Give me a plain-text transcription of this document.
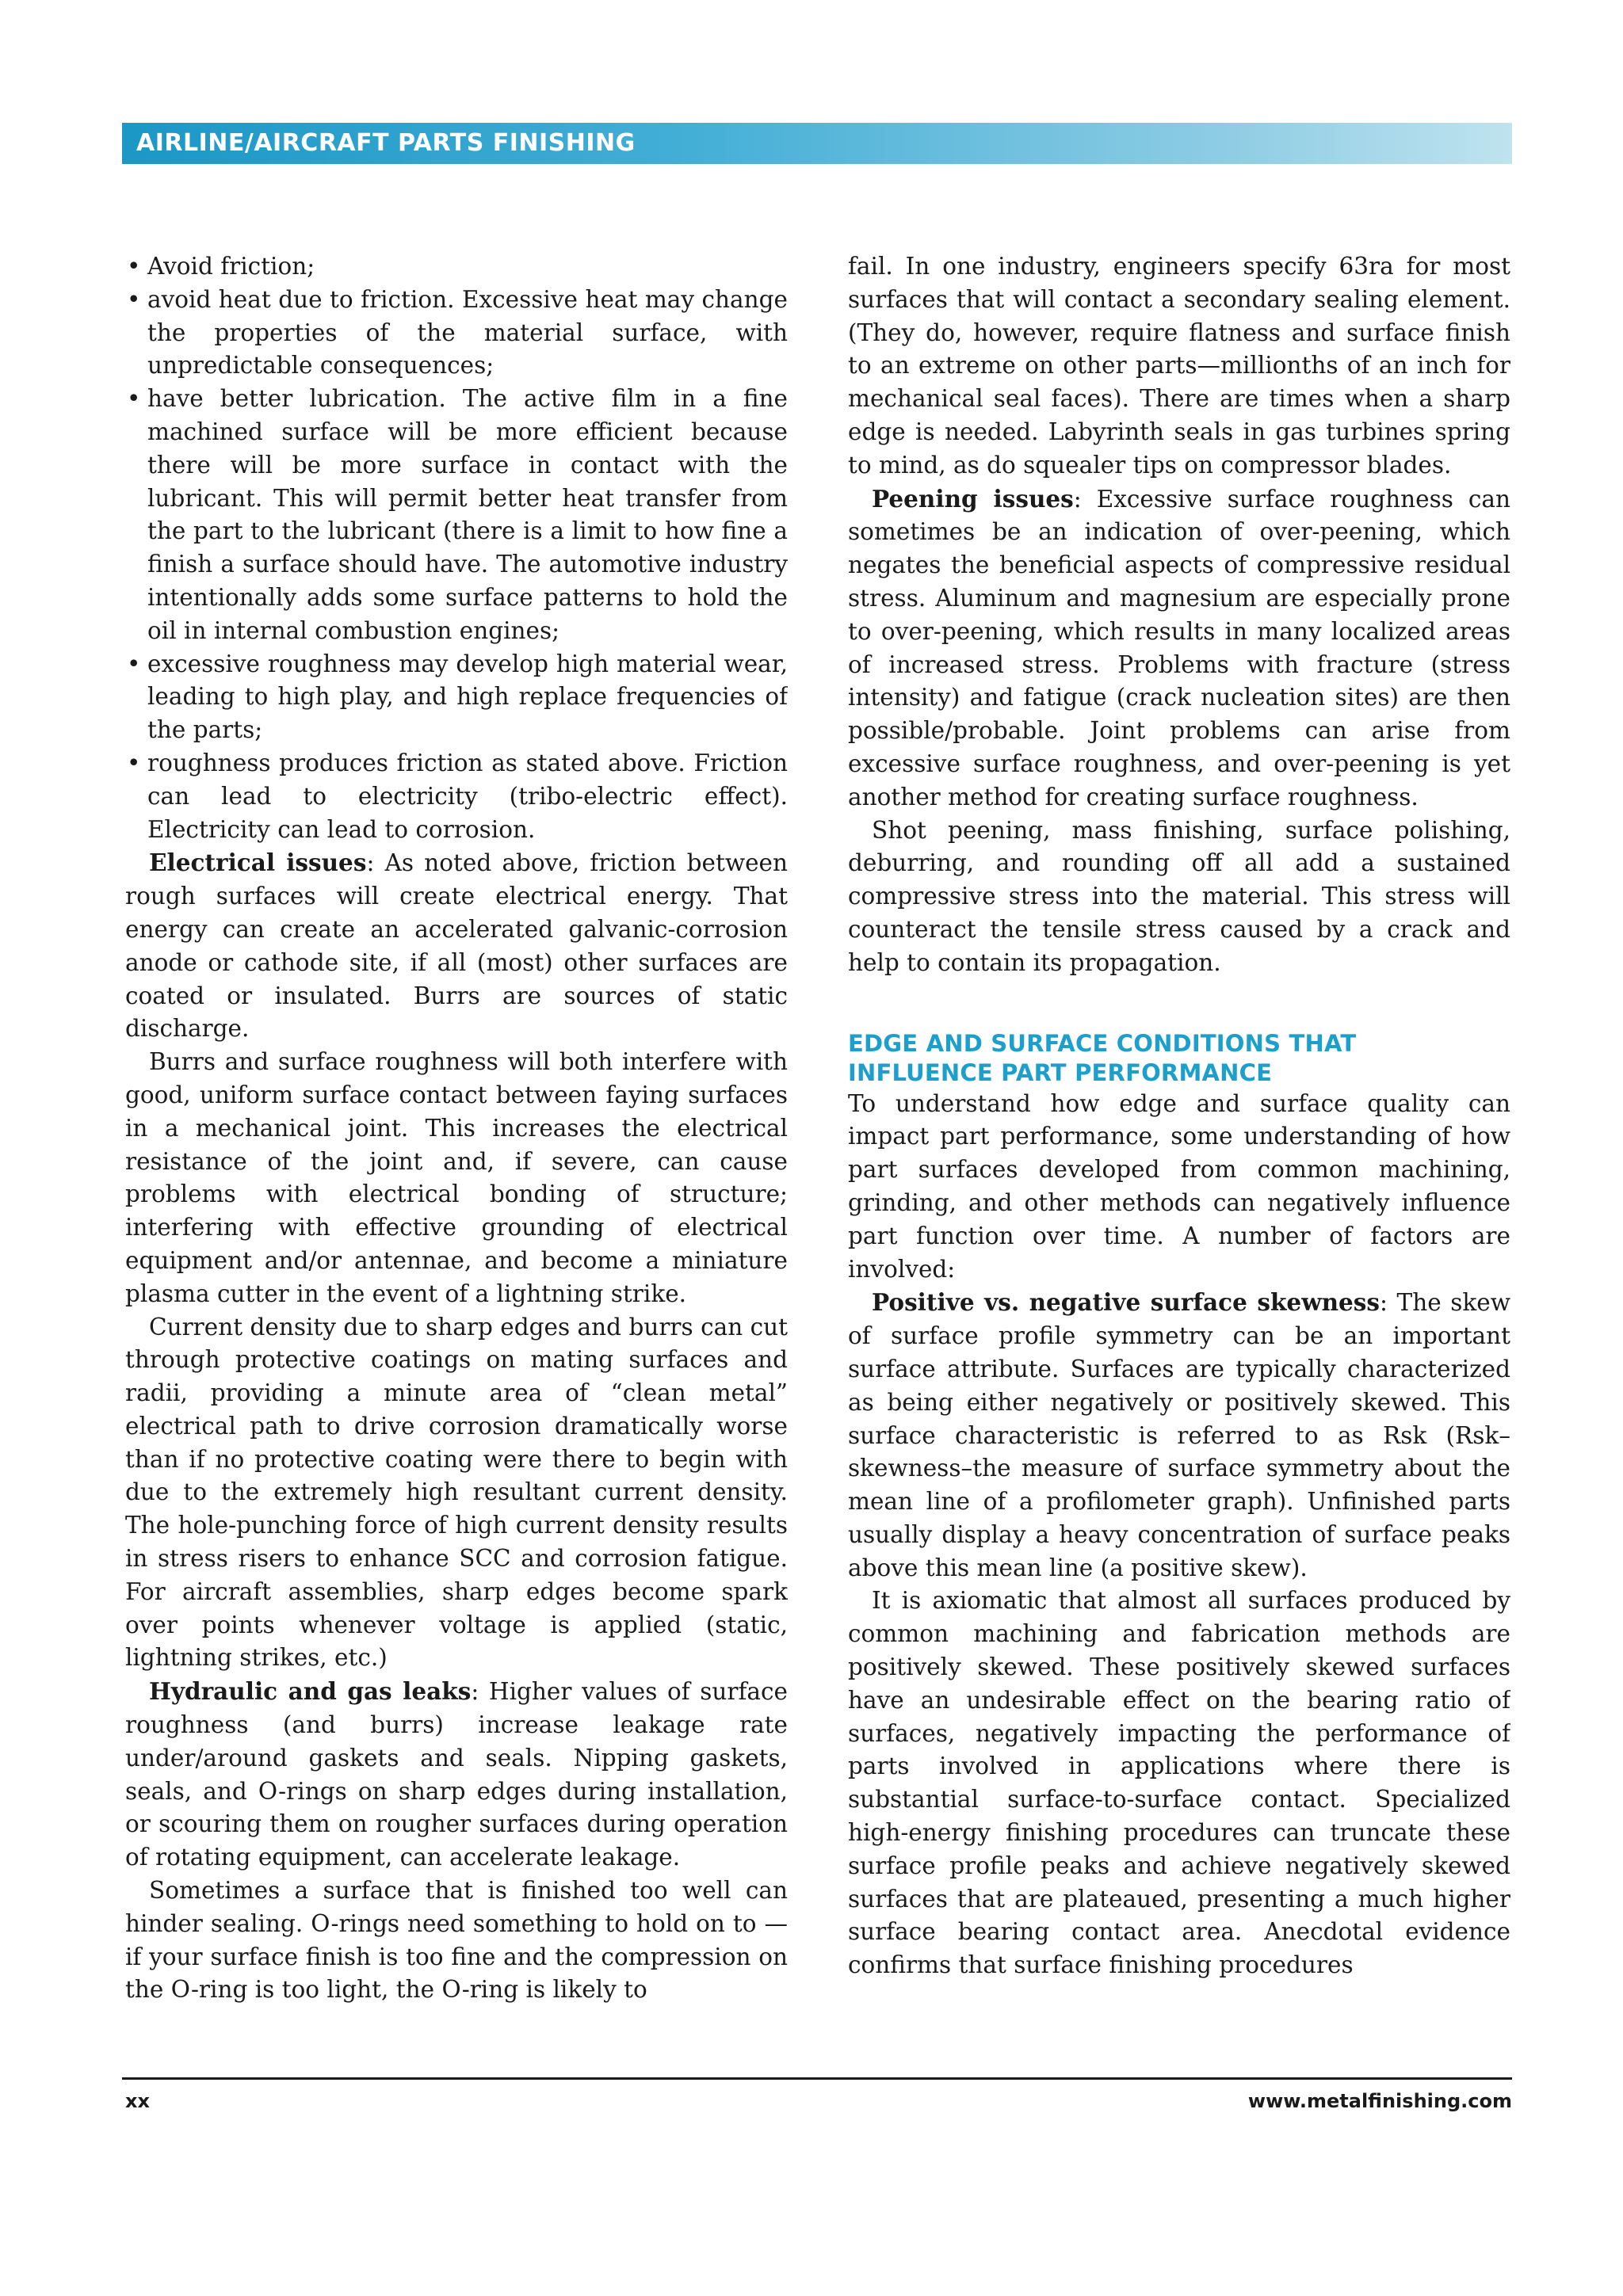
AIRLINE/AIRCRAFT PARTS FINISHING
• Avoid friction;
• avoid heat due to friction. Excessive heat may change the properties of the material surface, with unpredictable consequences;
• have better lubrication. The active film in a fine machined surface will be more efficient because there will be more surface in contact with the lubricant. This will permit better heat transfer from the part to the lubricant (there is a limit to how fine a finish a surface should have. The automotive industry intentionally adds some surface patterns to hold the oil in internal combustion engines;
• excessive roughness may develop high material wear, leading to high play, and high replace frequencies of the parts;
• roughness produces friction as stated above. Friction can lead to electricity (tribo-electric effect). Electricity can lead to corrosion.

Electrical issues: As noted above, friction between rough surfaces will create electrical energy. That energy can create an accelerated galvanic-corrosion anode or cathode site, if all (most) other surfaces are coated or insulated. Burrs are sources of static discharge.

Burrs and surface roughness will both interfere with good, uniform surface contact between faying surfaces in a mechanical joint. This increases the electrical resistance of the joint and, if severe, can cause problems with electrical bonding of structure; interfering with effective grounding of electrical equipment and/or antennae, and become a miniature plasma cutter in the event of a lightning strike.

Current density due to sharp edges and burrs can cut through protective coatings on mating surfaces and radii, providing a minute area of “clean metal” electrical path to drive corrosion dramatically worse than if no protective coating were there to begin with due to the extremely high resultant current density. The hole-punching force of high current density results in stress risers to enhance SCC and corrosion fatigue. For aircraft assemblies, sharp edges become spark over points whenever voltage is applied (static, lightning strikes, etc.)

Hydraulic and gas leaks: Higher values of surface roughness (and burrs) increase leakage rate under/around gaskets and seals. Nipping gaskets, seals, and O-rings on sharp edges during installation, or scouring them on rougher surfaces during operation of rotating equipment, can accelerate leakage.

Sometimes a surface that is finished too well can hinder sealing. O-rings need something to hold on to —if your surface finish is too fine and the compression on the O-ring is too light, the O-ring is likely to

fail. In one industry, engineers specify 63ra for most surfaces that will contact a secondary sealing element. (They do, however, require flatness and surface finish to an extreme on other parts—millionths of an inch for mechanical seal faces). There are times when a sharp edge is needed. Labyrinth seals in gas turbines spring to mind, as do squealer tips on compressor blades.

Peening issues: Excessive surface roughness can sometimes be an indication of over-peening, which negates the beneficial aspects of compressive residual stress. Aluminum and magnesium are especially prone to over-peening, which results in many localized areas of increased stress. Problems with fracture (stress intensity) and fatigue (crack nucleation sites) are then possible/probable. Joint problems can arise from excessive surface roughness, and over-peening is yet another method for creating surface roughness.

Shot peening, mass finishing, surface polishing, deburring, and rounding off all add a sustained compressive stress into the material. This stress will counteract the tensile stress caused by a crack and help to contain its propagation.

EDGE AND SURFACE CONDITIONS THAT
INFLUENCE PART PERFORMANCE

To understand how edge and surface quality can impact part performance, some understanding of how part surfaces developed from common machining, grinding, and other methods can negatively influence part function over time. A number of factors are involved:

Positive vs. negative surface skewness: The skew of surface profile symmetry can be an important surface attribute. Surfaces are typically characterized as being either negatively or positively skewed. This surface characteristic is referred to as Rsk (Rsk–skewness–the measure of surface symmetry about the mean line of a profilometer graph). Unfinished parts usually display a heavy concentration of surface peaks above this mean line (a positive skew).

It is axiomatic that almost all surfaces produced by common machining and fabrication methods are positively skewed. These positively skewed surfaces have an undesirable effect on the bearing ratio of surfaces, negatively impacting the performance of parts involved in applications where there is substantial surface-to-surface contact. Specialized high-energy finishing procedures can truncate these surface profile peaks and achieve negatively skewed surfaces that are plateaued, presenting a much higher surface bearing contact area. Anecdotal evidence confirms that surface finishing procedures

xx	www.metalfinishing.com
